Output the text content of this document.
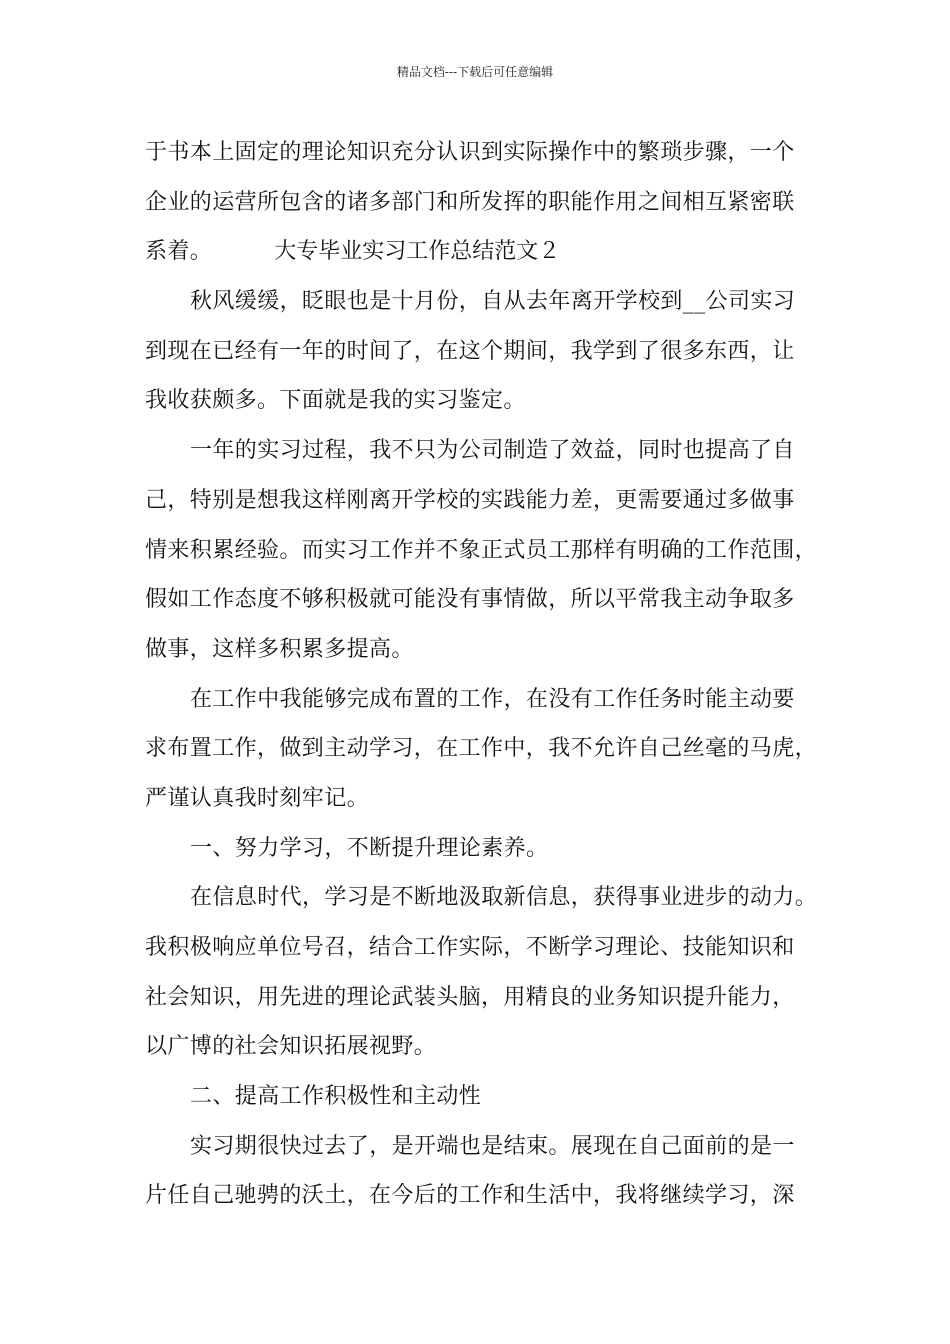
精品文档---下载后可任意编辑
于书本上固定的理论知识充分认识到实际操作中的繁琐步骤，一个
企业的运营所包含的诸多部门和所发挥的职能作用之间相互紧密联
系着。	大专毕业实习工作总结范文２
秋风缓缓，眨眼也是十月份，自从去年离开学校到__公司实习
到现在已经有一年的时间了，在这个期间，我学到了很多东西，让
我收获颇多。下面就是我的实习鉴定。
一年的实习过程，我不只为公司制造了效益，同时也提高了自
己，特别是想我这样刚离开学校的实践能力差，更需要通过多做事
情来积累经验。而实习工作并不象正式员工那样有明确的工作范围，
假如工作态度不够积极就可能没有事情做，所以平常我主动争取多
做事，这样多积累多提高。
在工作中我能够完成布置的工作，在没有工作任务时能主动要
求布置工作，做到主动学习，在工作中，我不允许自己丝毫的马虎，
严谨认真我时刻牢记。
一、努力学习，不断提升理论素养。
在信息时代，学习是不断地汲取新信息，获得事业进步的动力。
我积极响应单位号召，结合工作实际，不断学习理论、技能知识和
社会知识，用先进的理论武装头脑，用精良的业务知识提升能力，
以广博的社会知识拓展视野。
二、提高工作积极性和主动性
实习期很快过去了，是开端也是结束。展现在自己面前的是一
片任自己驰骋的沃土，在今后的工作和生活中，我将继续学习，深
